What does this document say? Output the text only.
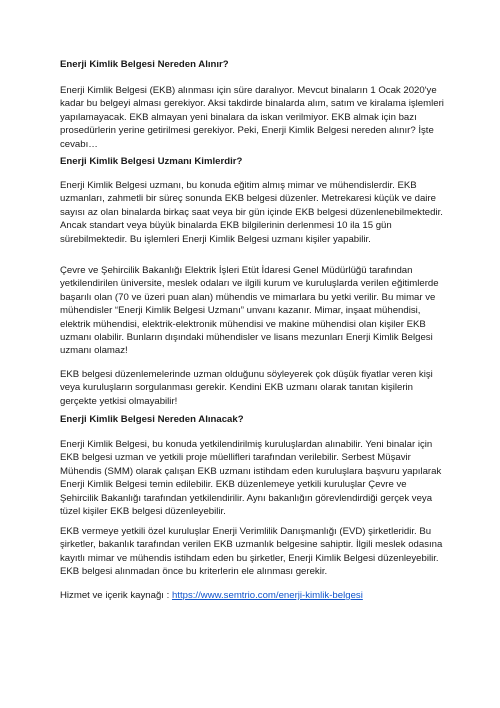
Enerji Kimlik Belgesi Nereden Alınır?

Enerji Kimlik Belgesi (EKB) alınması için süre daralıyor. Mevcut binaların 1 Ocak 2020'ye kadar bu belgeyi alması gerekiyor. Aksi takdirde binalarda alım, satım ve kiralama işlemleri yapılamayacak. EKB almayan yeni binalara da iskan verilmiyor. EKB almak için bazı prosedürlerin yerine getirilmesi gerekiyor. Peki, Enerji Kimlik Belgesi nereden alınır? İşte cevabı…

Enerji Kimlik Belgesi Uzmanı Kimlerdir?

Enerji Kimlik Belgesi uzmanı, bu konuda eğitim almış mimar ve mühendislerdir. EKB uzmanları, zahmetli bir süreç sonunda EKB belgesi düzenler. Metrekaresi küçük ve daire sayısı az olan binalarda birkaç saat veya bir gün içinde EKB belgesi düzenlenebilmektedir. Ancak standart veya büyük binalarda EKB bilgilerinin derlenmesi 10 ila 15 gün sürebilmektedir. Bu işlemleri Enerji Kimlik Belgesi uzmanı kişiler yapabilir.

Çevre ve Şehircilik Bakanlığı Elektrik İşleri Etüt İdaresi Genel Müdürlüğü tarafından yetkilendirilen üniversite, meslek odaları ve ilgili kurum ve kuruluşlarda verilen eğitimlerde başarılı olan (70 ve üzeri puan alan) mühendis ve mimarlara bu yetki verilir. Bu mimar ve mühendisler “Enerji Kimlik Belgesi Uzmanı” unvanı kazanır. Mimar, inşaat mühendisi, elektrik mühendisi, elektrik-elektronik mühendisi ve makine mühendisi olan kişiler EKB uzmanı olabilir. Bunların dışındaki mühendisler ve lisans mezunları Enerji Kimlik Belgesi uzmanı olamaz!

EKB belgesi düzenlemelerinde uzman olduğunu söyleyerek çok düşük fiyatlar veren kişi veya kuruluşların sorgulanması gerekir. Kendini EKB uzmanı olarak tanıtan kişilerin gerçekte yetkisi olmayabilir!

Enerji Kimlik Belgesi Nereden Alınacak?

Enerji Kimlik Belgesi, bu konuda yetkilendirilmiş kuruluşlardan alınabilir. Yeni binalar için EKB belgesi uzman ve yetkili proje müellifleri tarafından verilebilir. Serbest Müşavir Mühendis (SMM) olarak çalışan EKB uzmanı istihdam eden kuruluşlara başvuru yapılarak Enerji Kimlik Belgesi temin edilebilir. EKB düzenlemeye yetkili kuruluşlar Çevre ve Şehircilik Bakanlığı tarafından yetkilendirilir. Aynı bakanlığın görevlendirdiği gerçek veya tüzel kişiler EKB belgesi düzenleyebilir.

EKB vermeye yetkili özel kuruluşlar Enerji Verimlilik Danışmanlığı (EVD) şirketleridir. Bu şirketler, bakanlık tarafından verilen EKB uzmanlık belgesine sahiptir. İlgili meslek odasına kayıtlı mimar ve mühendis istihdam eden bu şirketler, Enerji Kimlik Belgesi düzenleyebilir. EKB belgesi alınmadan önce bu kriterlerin ele alınması gerekir.

Hizmet ve içerik kaynağı : https://www.semtrio.com/enerji-kimlik-belgesi
